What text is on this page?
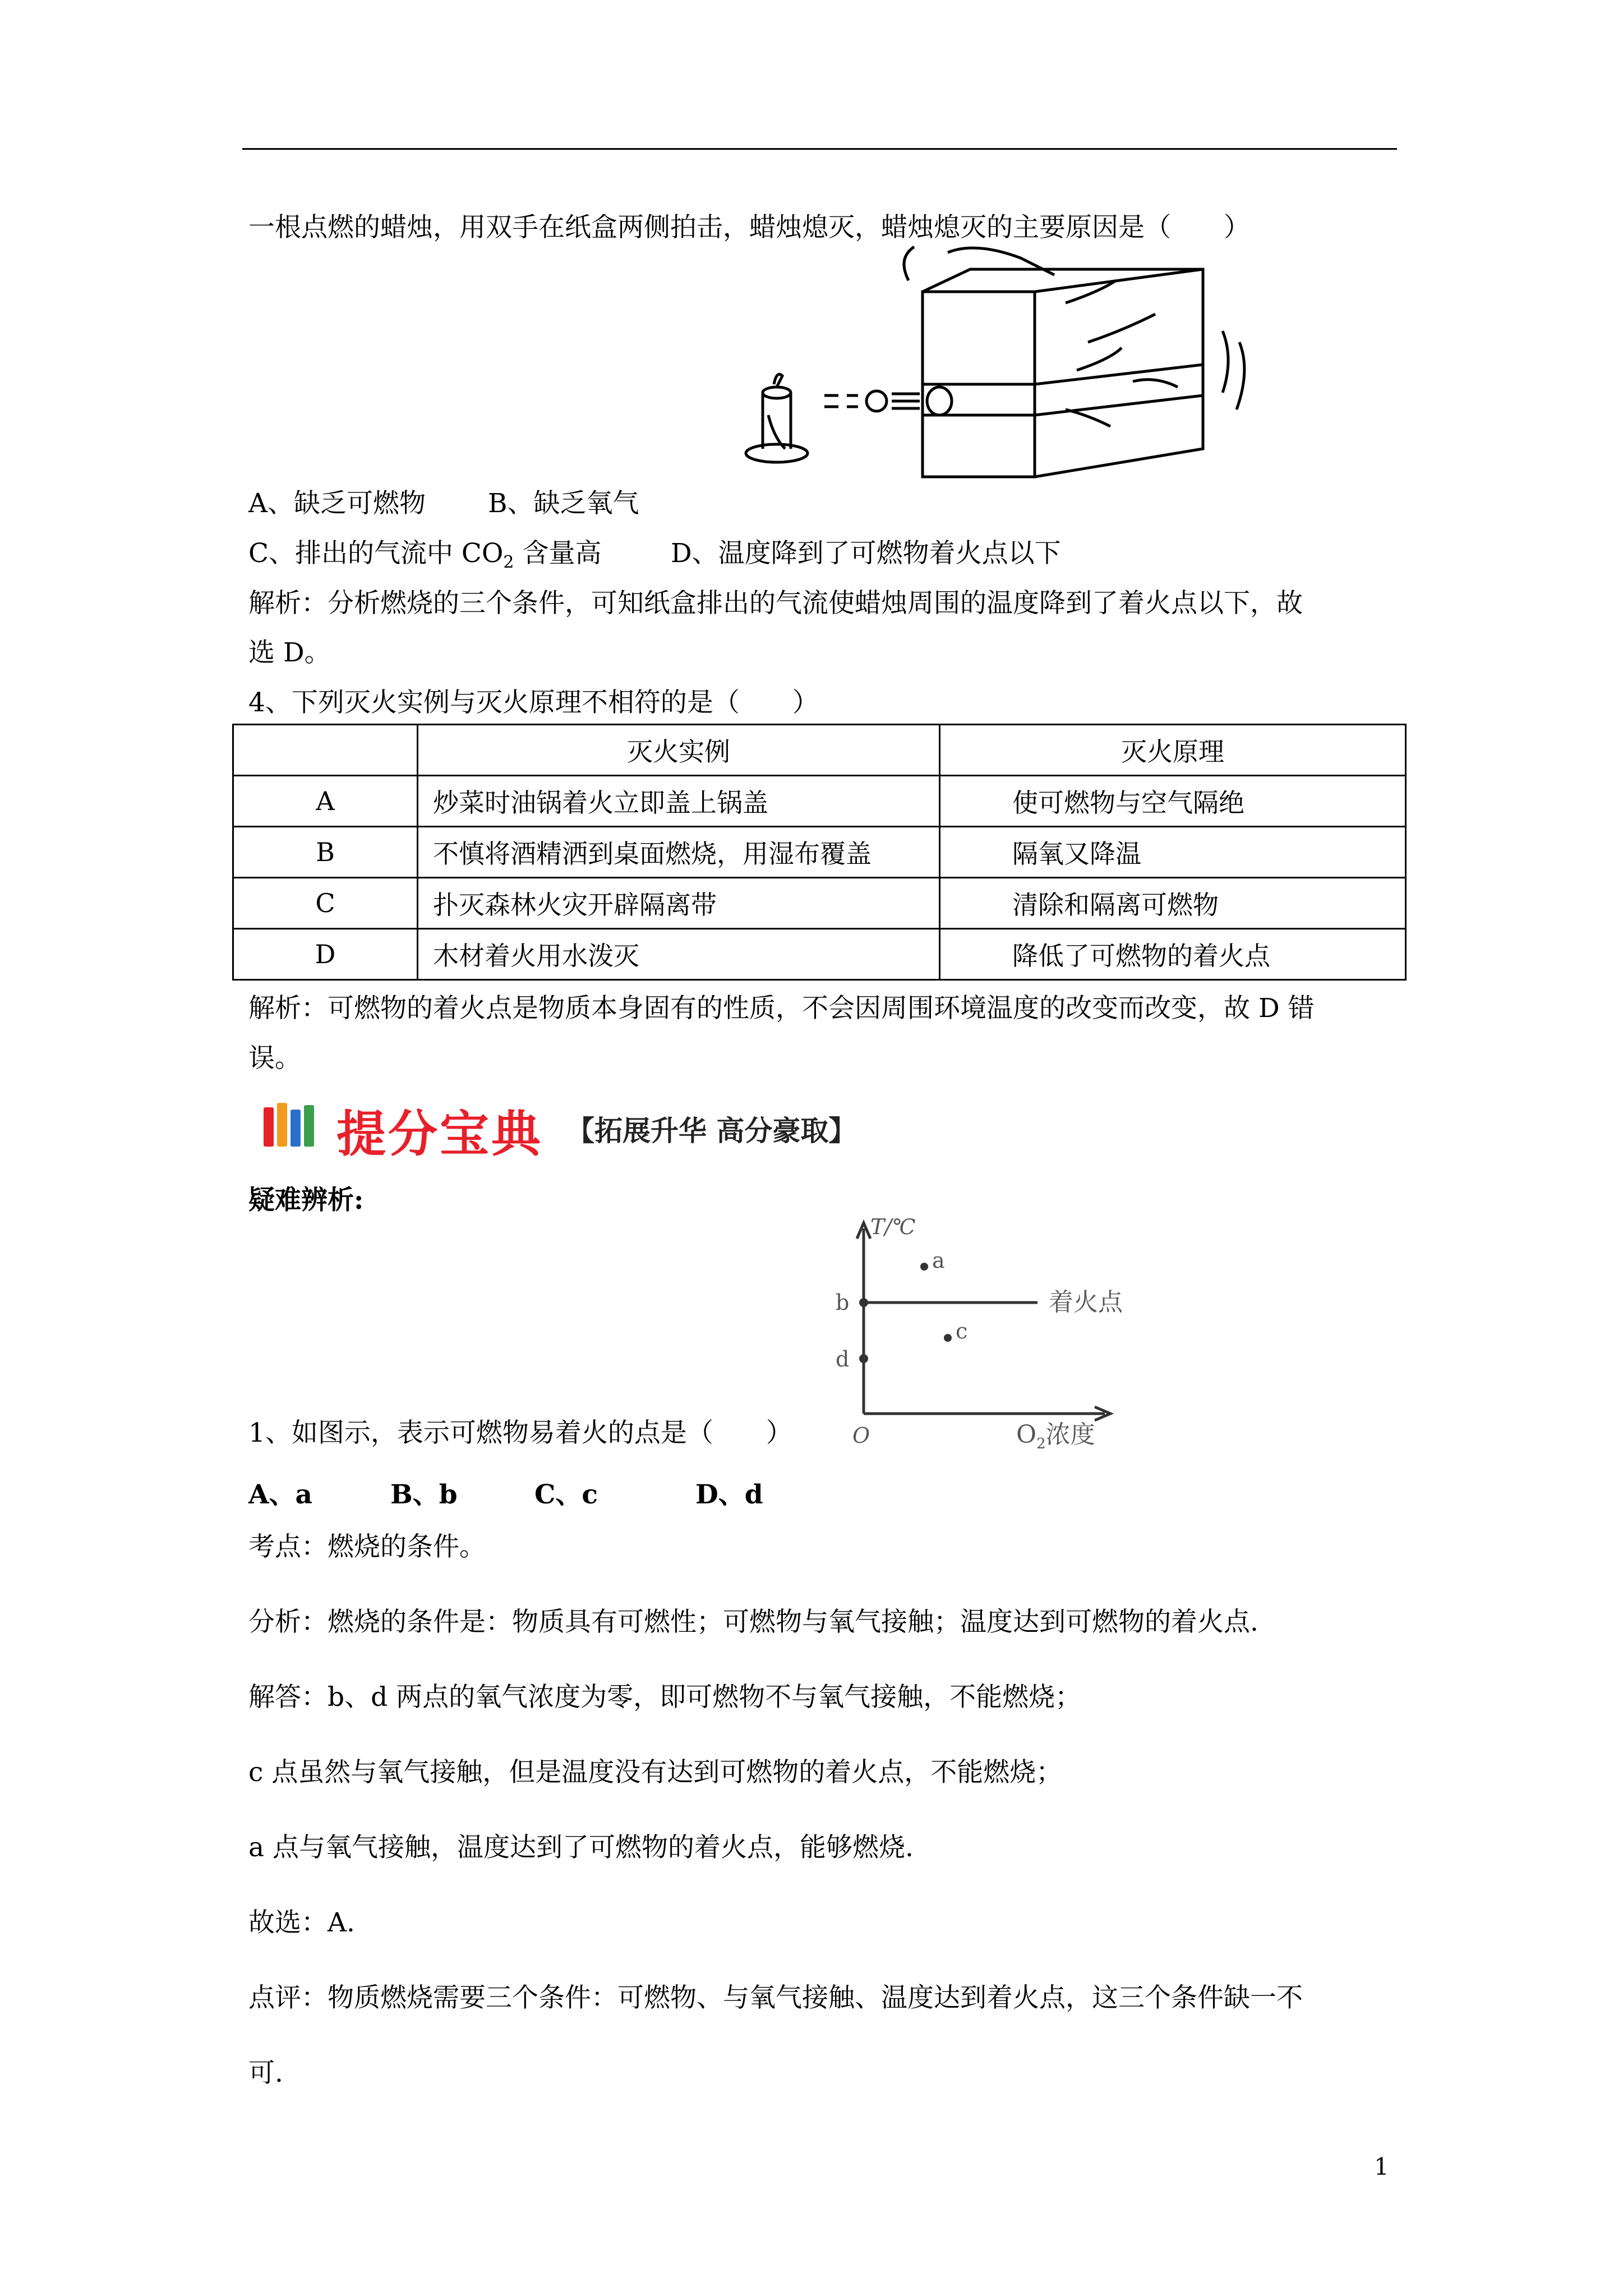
一根点燃的蜡烛，用双手在纸盒两侧拍击，蜡烛熄灭，蜡烛熄灭的主要原因是（　　）
A、缺乏可燃物 B、缺乏氧气
C、排出的气流中 $CO_2$ 含量高	D、温度降到了可燃物着火点以下
解析：分析燃烧的三个条件，可知纸盒排出的气流使蜡烛周围的温度降到了着火点以下，故
选 D。
4、下列灭火实例与灭火原理不相符的是（　　）
	灭火实例	灭火原理
A	炒菜时油锅着火立即盖上锅盖	使可燃物与空气隔绝
B	不慎将酒精洒到桌面燃烧，用湿布覆盖	隔氧又降温
C	扑灭森林火灾开辟隔离带	清除和隔离可燃物
D	木材着火用水泼灭	降低了可燃物的着火点
解析：可燃物的着火点是物质本身固有的性质，不会因周围环境温度的改变而改变，故 D 错
误。
提分宝典 【拓展升华 高分豪取】
疑难辨析:
T/℃
a
b
c
d
着火点
O	$O_2$浓度
1、如图示，表示可燃物易着火的点是（　　）
A、a	B、b	C、c	D、d
考点：燃烧的条件。
分析：燃烧的条件是：物质具有可燃性；可燃物与氧气接触；温度达到可燃物的着火点.
解答：b、d 两点的氧气浓度为零，即可燃物不与氧气接触，不能燃烧；
c 点虽然与氧气接触，但是温度没有达到可燃物的着火点，不能燃烧；
a 点与氧气接触，温度达到了可燃物的着火点，能够燃烧.
故选：A.
点评：物质燃烧需要三个条件：可燃物、与氧气接触、温度达到着火点，这三个条件缺一不
可.
1
